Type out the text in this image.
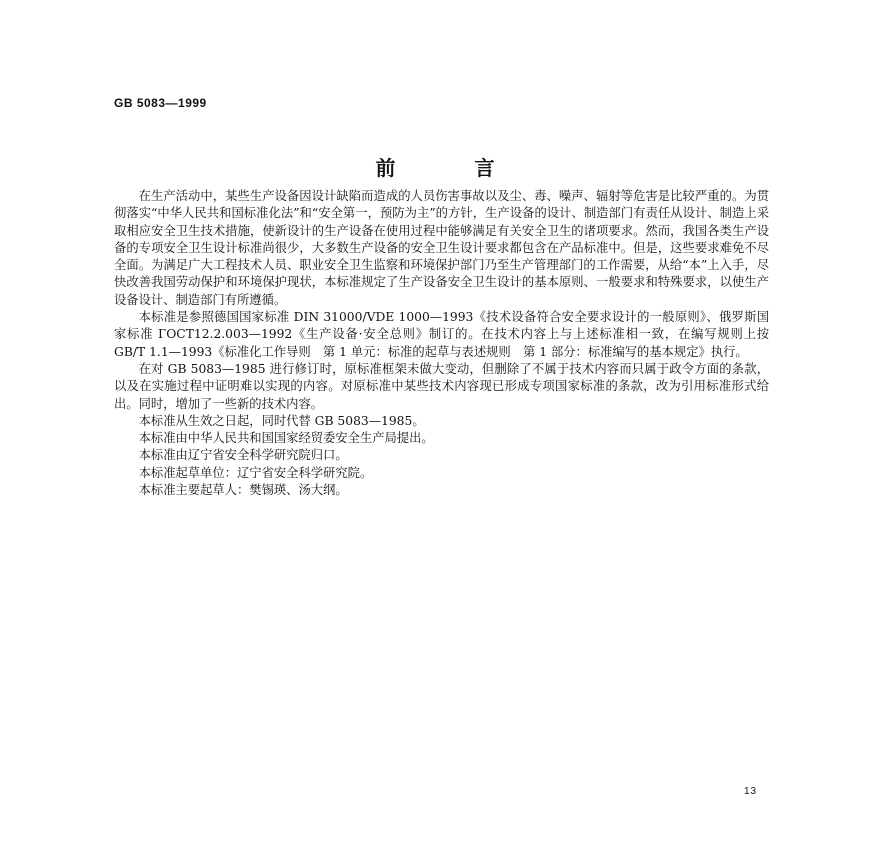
GB 5083—1999
前 言

在生产活动中，某些生产设备因设计缺陷而造成的人员伤害事故以及尘、毒、噪声、辐射等危害是比较严重的。为贯彻落实“中华人民共和国标准化法”和“安全第一，预防为主”的方针，生产设备的设计、制造部门有责任从设计、制造上采取相应安全卫生技术措施，使新设计的生产设备在使用过程中能够满足有关安全卫生的诸项要求。然而，我国各类生产设备的专项安全卫生设计标准尚很少，大多数生产设备的安全卫生设计要求都包含在产品标准中。但是，这些要求难免不尽全面。为满足广大工程技术人员、职业安全卫生监察和环境保护部门乃至生产管理部门的工作需要，从给“本”上入手，尽快改善我国劳动保护和环境保护现状，本标准规定了生产设备安全卫生设计的基本原则、一般要求和特殊要求，以使生产设备设计、制造部门有所遵循。

本标准是参照德国国家标准 DIN 31000/VDE 1000—1993《技术设备符合安全要求设计的一般原则》、俄罗斯国家标准 ГОСТ12.2.003—1992《生产设备·安全总则》制订的。在技术内容上与上述标准相一致，在编写规则上按 GB/T 1.1—1993《标准化工作导则　第 1 单元：标准的起草与表述规则　第 1 部分：标准编写的基本规定》执行。

在对 GB 5083—1985 进行修订时，原标准框架未做大变动，但删除了不属于技术内容而只属于政令方面的条款，以及在实施过程中证明难以实现的内容。对原标准中某些技术内容现已形成专项国家标准的条款，改为引用标准形式给出。同时，增加了一些新的技术内容。

本标准从生效之日起，同时代替 GB 5083—1985。

本标准由中华人民共和国国家经贸委安全生产局提出。

本标准由辽宁省安全科学研究院归口。

本标准起草单位：辽宁省安全科学研究院。

本标准主要起草人：樊锡瑛、汤大纲。

13
